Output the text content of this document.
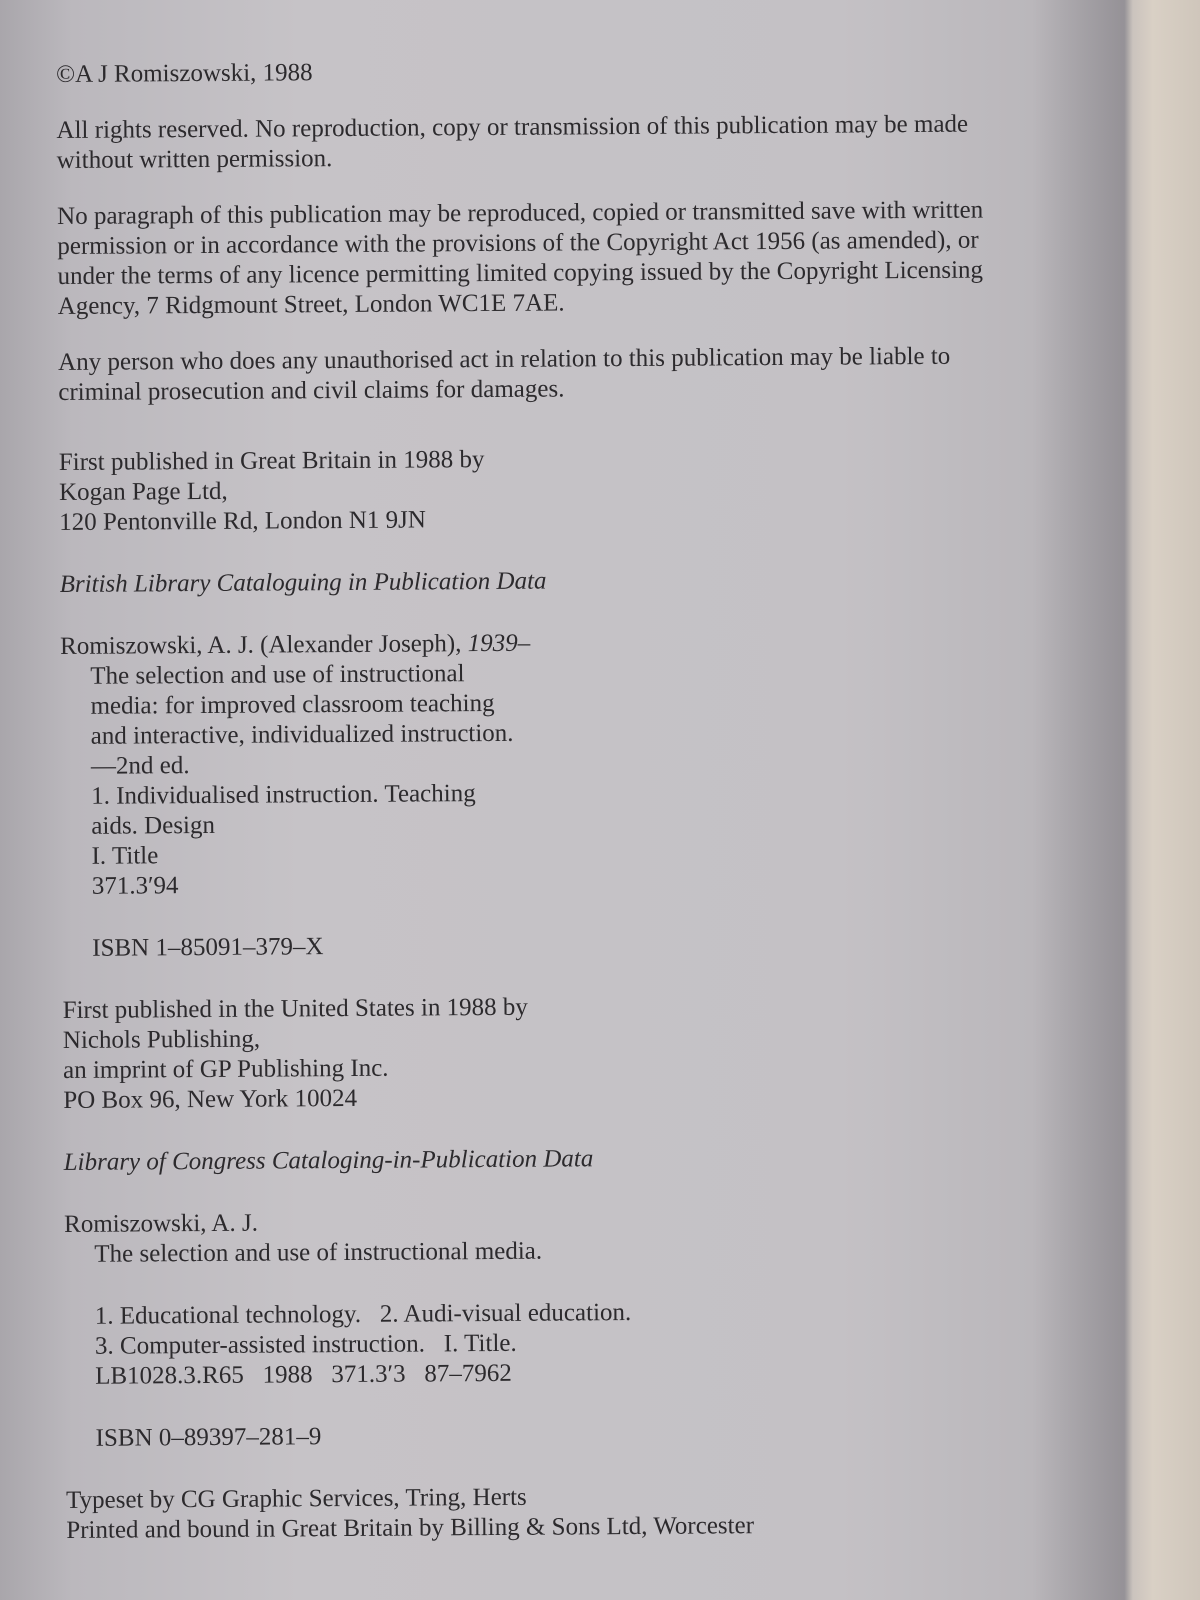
©A J Romiszowski, 1988

All rights reserved. No reproduction, copy or transmission of this publication may be made without written permission.

No paragraph of this publication may be reproduced, copied or transmitted save with written permission or in accordance with the provisions of the Copyright Act 1956 (as amended), or under the terms of any licence permitting limited copying issued by the Copyright Licensing Agency, 7 Ridgmount Street, London WC1E 7AE.

Any person who does any unauthorised act in relation to this publication may be liable to criminal prosecution and civil claims for damages.

First published in Great Britain in 1988 by
Kogan Page Ltd,
120 Pentonville Rd, London N1 9JN

British Library Cataloguing in Publication Data

Romiszowski, A. J. (Alexander Joseph), 1939–
The selection and use of instructional
media: for improved classroom teaching
and interactive, individualized instruction.
—2nd ed.
1. Individualised instruction. Teaching
aids. Design
I. Title
371.3′94

ISBN 1–85091–379–X

First published in the United States in 1988 by
Nichols Publishing,
an imprint of GP Publishing Inc.
PO Box 96, New York 10024

Library of Congress Cataloging-in-Publication Data

Romiszowski, A. J.
The selection and use of instructional media.
1. Educational technology.   2. Audi-visual education.
3. Computer-assisted instruction.   I. Title.
LB1028.3.R65   1988   371.3′3   87–7962

ISBN 0–89397–281–9

Typeset by CG Graphic Services, Tring, Herts
Printed and bound in Great Britain by Billing & Sons Ltd, Worcester
